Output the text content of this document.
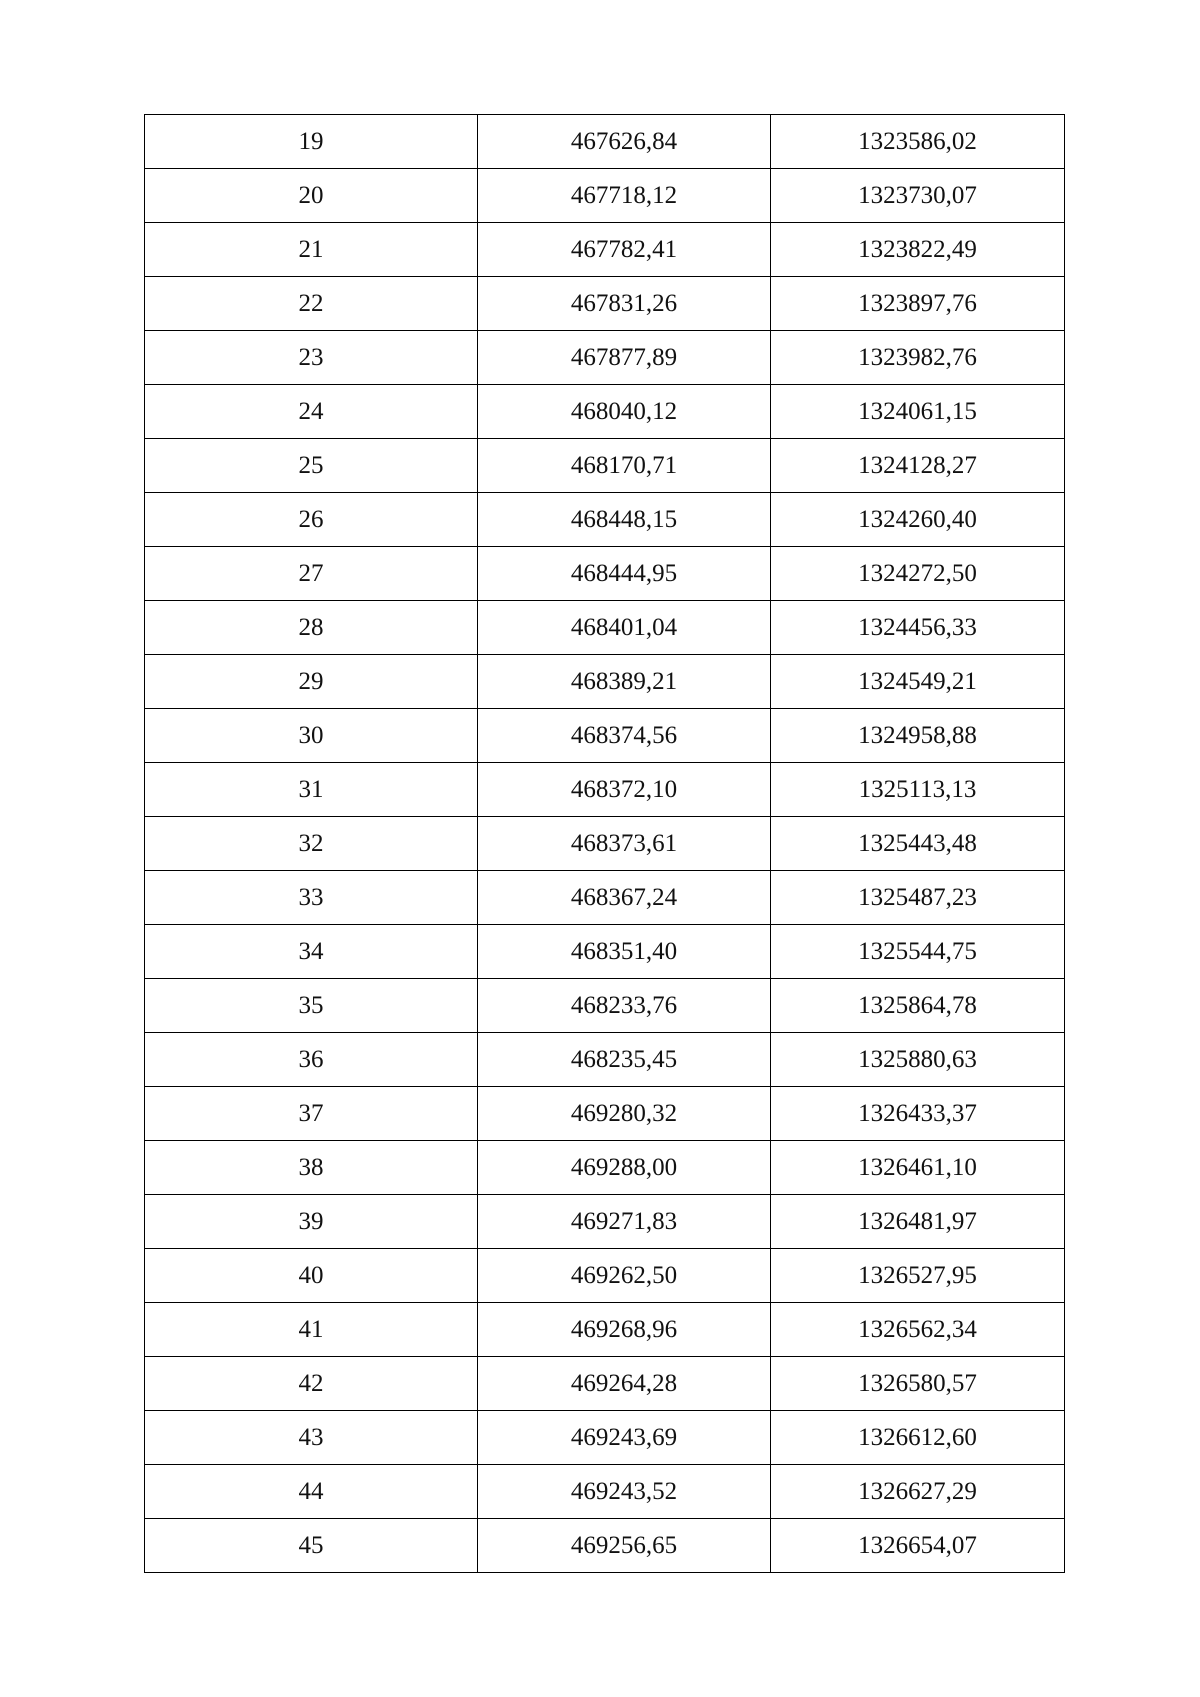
19	467626,84	1323586,02
20	467718,12	1323730,07
21	467782,41	1323822,49
22	467831,26	1323897,76
23	467877,89	1323982,76
24	468040,12	1324061,15
25	468170,71	1324128,27
26	468448,15	1324260,40
27	468444,95	1324272,50
28	468401,04	1324456,33
29	468389,21	1324549,21
30	468374,56	1324958,88
31	468372,10	1325113,13
32	468373,61	1325443,48
33	468367,24	1325487,23
34	468351,40	1325544,75
35	468233,76	1325864,78
36	468235,45	1325880,63
37	469280,32	1326433,37
38	469288,00	1326461,10
39	469271,83	1326481,97
40	469262,50	1326527,95
41	469268,96	1326562,34
42	469264,28	1326580,57
43	469243,69	1326612,60
44	469243,52	1326627,29
45	469256,65	1326654,07
